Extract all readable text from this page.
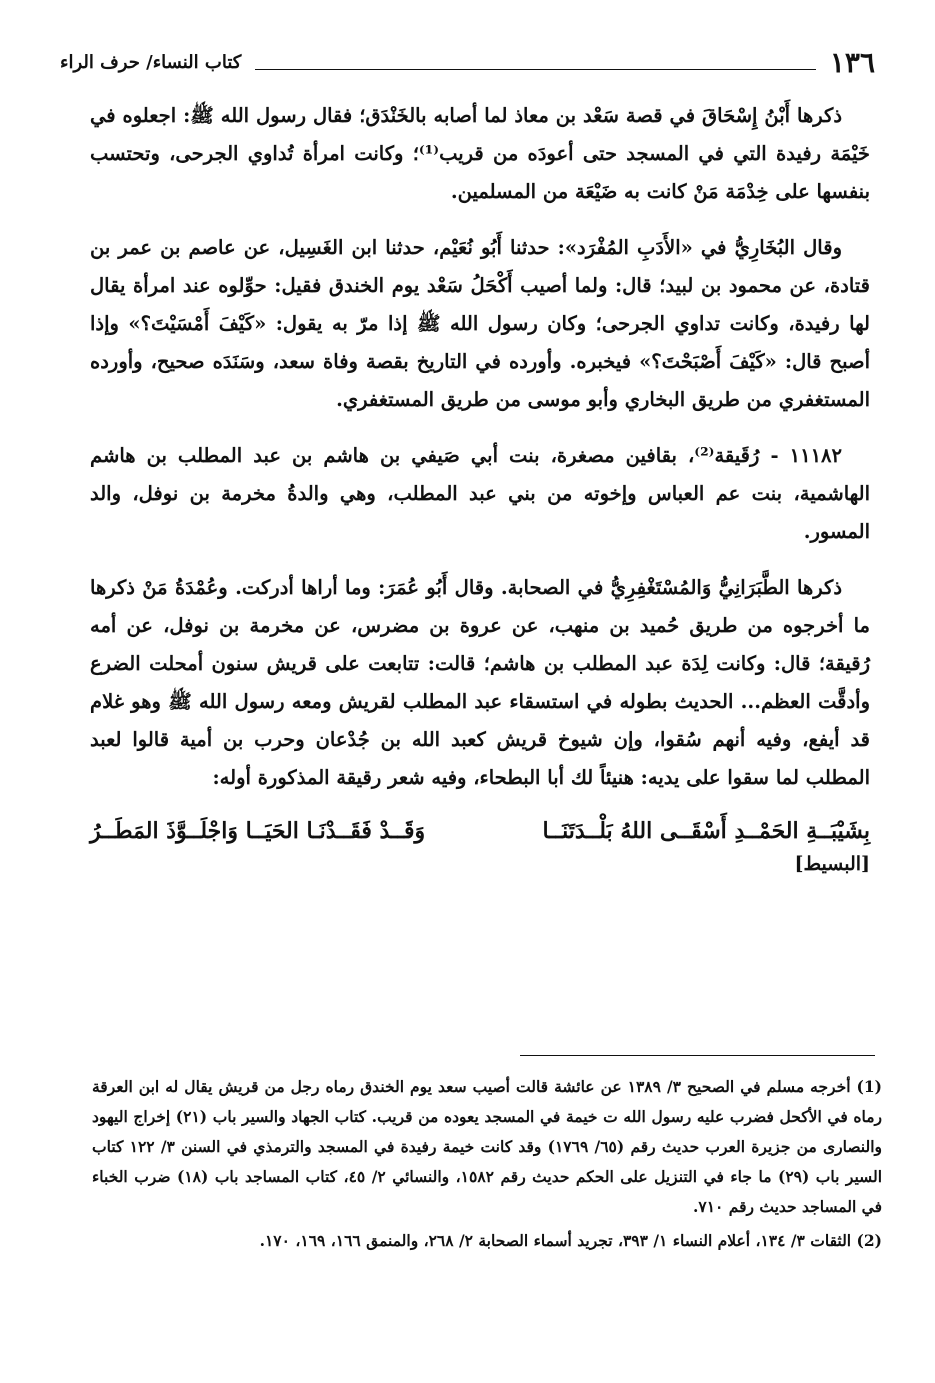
١٣٦
كتاب النساء/ حرف الراء

ذكرها أَبْنُ إِسْحَاقَ في قصة سَعْد بن معاذ لما أصابه بالخَنْدَق؛ فقال رسول الله ﷺ: اجعلوه في خَيْمَة رفيدة التي في المسجد حتى أعودَه من قريب⁽¹⁾؛ وكانت امرأة تُداوي الجرحى، وتحتسب بنفسها على خِدْمَة مَنْ كانت به ضَيْعَة من المسلمين.

وقال البُخَارِيُّ في «الأَدَبِ المُفْرَد»: حدثنا أَبُو نُعَيْم، حدثنا ابن الغَسِيل، عن عاصم بن عمر بن قتادة، عن محمود بن لبيد؛ قال: ولما أصيب أَكْحَلُ سَعْد يوم الخندق فقيل: حوِّلوه عند امرأة يقال لها رفيدة، وكانت تداوي الجرحى؛ وكان رسول الله ﷺ إذا مرّ به يقول: «كَيْفَ أَمْسَيْتَ؟» وإذا أصبح قال: «كَيْفَ أَصْبَحْتَ؟» فيخبره. وأورده في التاريخ بقصة وفاة سعد، وسَنَدَه صحيح، وأورده المستغفري من طريق البخاري وأبو موسى من طريق المستغفري.

١١١٨٢ - رُقَيقة⁽²⁾، بقافين مصغرة، بنت أبي صَيفي بن هاشم بن عبد المطلب بن هاشم الهاشمية، بنت عم العباس وإخوته من بني عبد المطلب، وهي والدةُ مخرمة بن نوفل، والد المسور.

ذكرها الطَّبَرَانِيُّ وَالمُسْتَغْفِرِيُّ في الصحابة. وقال أَبُو عُمَرَ: وما أراها أدركت. وعُمْدَةُ مَنْ ذكرها ما أخرجوه من طريق حُميد بن منهب، عن عروة بن مضرس، عن مخرمة بن نوفل، عن أمه رُقيقة؛ قال: وكانت لِدَة عبد المطلب بن هاشم؛ قالت: تتابعت على قريش سنون أمحلت الضرع وأدقَّت العظم... الحديث بطوله في استسقاء عبد المطلب لقريش ومعه رسول الله ﷺ وهو غلام قد أيفع، وفيه أنهم سُقوا، وإن شيوخ قريش كعبد الله بن جُدْعان وحرب بن أمية قالوا لعبد المطلب لما سقوا على يديه: هنيئاً لك أبا البطحاء، وفيه شعر رقيقة المذكورة أوله:

بِشَيْبَــةِ الحَمْــدِ أَسْقَــى اللهُ بَلْــدَتَنَــا
وَقَــدْ فَقَــدْنَـا الحَيَــا وَاجْلَــوَّذَ المَطَــرُ
[البسيط]

(1) أخرجه مسلم في الصحيح ٣/ ١٣٨٩ عن عائشة قالت أصيب سعد يوم الخندق رماه رجل من قريش يقال له ابن العرقة رماه في الأكحل فضرب عليه رسول الله ت خيمة في المسجد يعوده من قريب. كتاب الجهاد والسير باب (٢١) إخراج اليهود والنصارى من جزيرة العرب حديث رقم (٦٥/ ١٧٦٩) وقد كانت خيمة رفيدة في المسجد والترمذي في السنن ٣/ ١٢٢ كتاب السير باب (٢٩) ما جاء في التنزيل على الحكم حديث رقم ١٥٨٢، والنسائي ٢/ ٤٥، كتاب المساجد باب (١٨) ضرب الخباء في المساجد حديث رقم ٧١٠.

(2) الثقات ٣/ ١٣٤، أعلام النساء ١/ ٣٩٣، تجريد أسماء الصحابة ٢/ ٢٦٨، والمنمق ١٦٦، ١٦٩، ١٧٠.
